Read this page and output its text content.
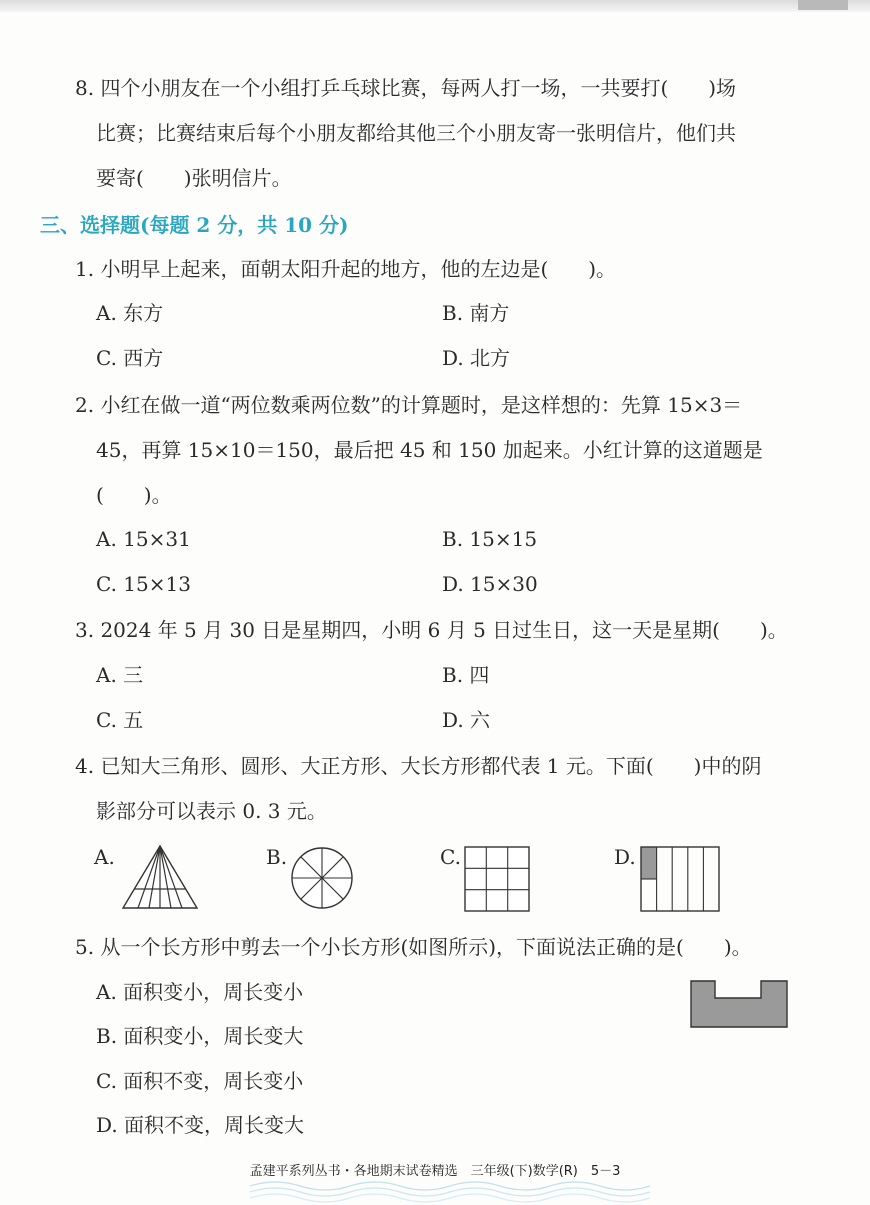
8. 四个小朋友在一个小组打乒乓球比赛，每两人打一场，一共要打(　　)场
比赛；比赛结束后每个小朋友都给其他三个小朋友寄一张明信片，他们共
要寄(　　)张明信片。
三、选择题(每题 2 分，共 10 分)
1. 小明早上起来，面朝太阳升起的地方，他的左边是(　　)。
A. 东方	B. 南方
C. 西方	D. 北方
2. 小红在做一道“两位数乘两位数”的计算题时，是这样想的：先算 15×3＝
45，再算 15×10＝150，最后把 45 和 150 加起来。小红计算的这道题是
(　　)。
A. 15×31	B. 15×15
C. 15×13	D. 15×30
3. 2024 年 5 月 30 日是星期四，小明 6 月 5 日过生日，这一天是星期(　　)。
A. 三	B. 四
C. 五	D. 六
4. 已知大三角形、圆形、大正方形、大长方形都代表 1 元。下面(　　)中的阴
影部分可以表示 0. 3 元。
A.	B.	C.	D.
5. 从一个长方形中剪去一个小长方形(如图所示)，下面说法正确的是(　　)。
A. 面积变小，周长变小
B. 面积变小，周长变大
C. 面积不变，周长变小
D. 面积不变，周长变大
孟建平系列丛书・各地期末试卷精选　三年级(下)数学(R)　5－3
